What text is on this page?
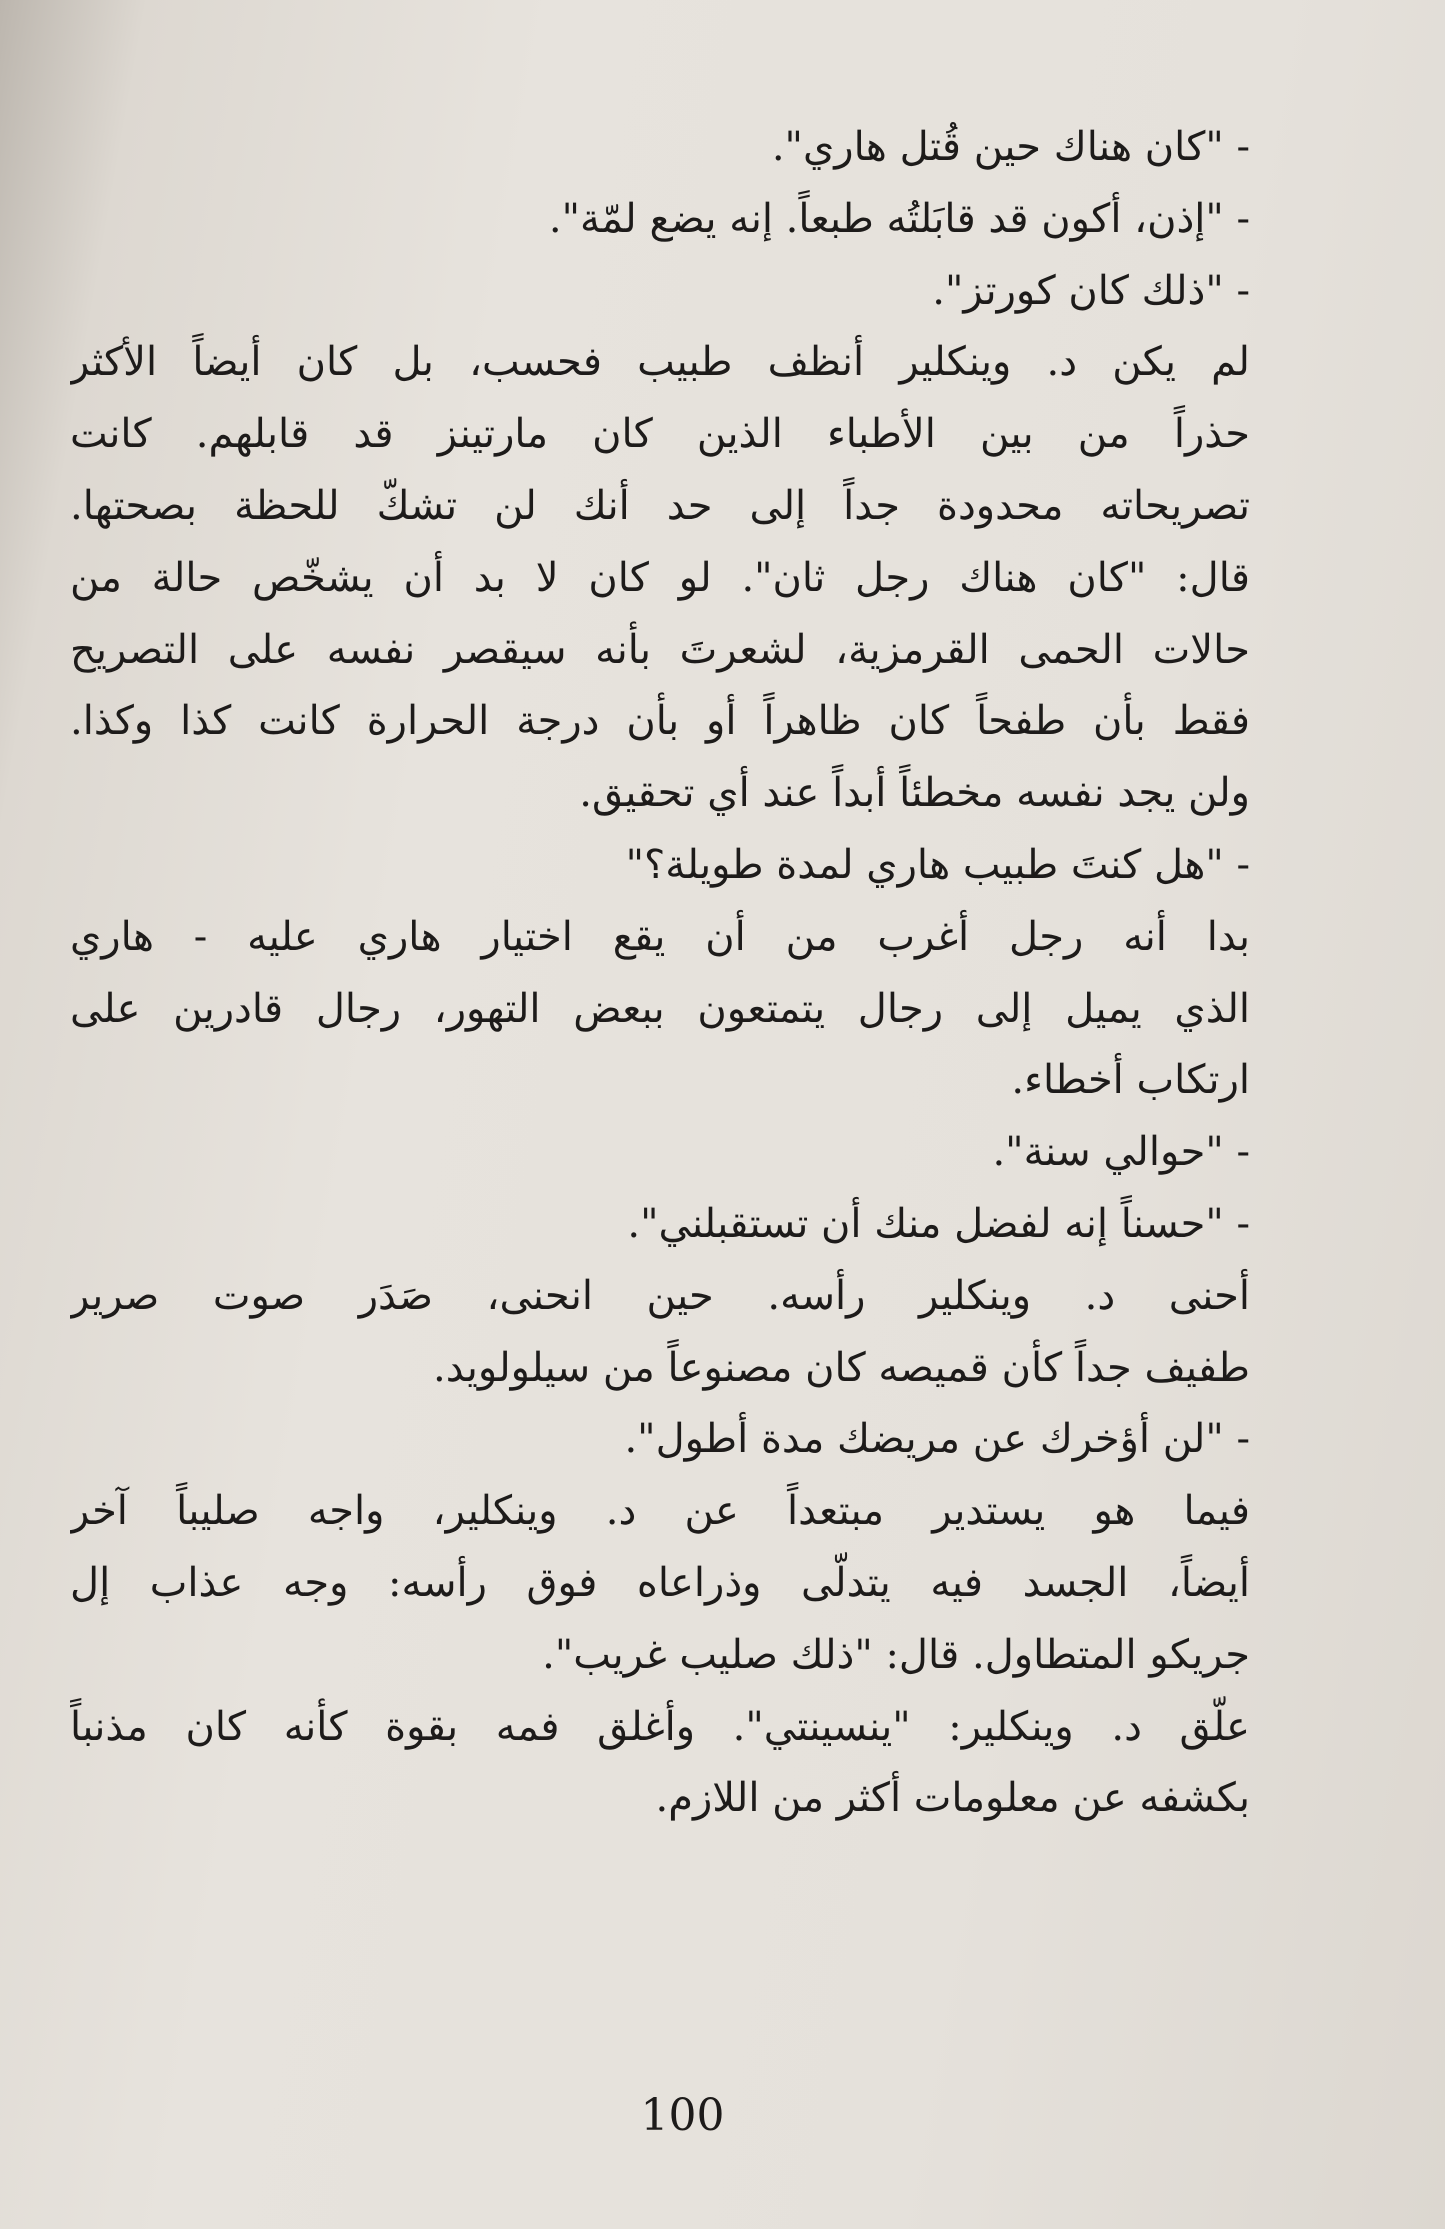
- "كان هناك حين قُتل هاري".
- "إذن، أكون قد قابَلتُه طبعاً. إنه يضع لمّة".
- "ذلك كان كورتز".
لم يكن د. وينكلير أنظف طبيب فحسب، بل كان أيضاً الأكثر
حذراً من بين الأطباء الذين كان مارتينز قد قابلهم. كانت
تصريحاته محدودة جداً إلى حد أنك لن تشكّ للحظة بصحتها.
قال: "كان هناك رجل ثان". لو كان لا بد أن يشخّص حالة من
حالات الحمى القرمزية، لشعرتَ بأنه سيقصر نفسه على التصريح
فقط بأن طفحاً كان ظاهراً أو بأن درجة الحرارة كانت كذا وكذا.
ولن يجد نفسه مخطئاً أبداً عند أي تحقيق.
- "هل كنتَ طبيب هاري لمدة طويلة؟"
بدا أنه رجل أغرب من أن يقع اختيار هاري عليه - هاري
الذي يميل إلى رجال يتمتعون ببعض التهور، رجال قادرين على
ارتكاب أخطاء.
- "حوالي سنة".
- "حسناً إنه لفضل منك أن تستقبلني".
أحنى د. وينكلير رأسه. حين انحنى، صَدَر صوت صرير
طفيف جداً كأن قميصه كان مصنوعاً من سيلولويد.
- "لن أؤخرك عن مريضك مدة أطول".
فيما هو يستدير مبتعداً عن د. وينكلير، واجه صليباً آخر
أيضاً، الجسد فيه يتدلّى وذراعاه فوق رأسه: وجه عذاب إل
جريكو المتطاول. قال: "ذلك صليب غريب".
علّق د. وينكلير: "ينسينتي". وأغلق فمه بقوة كأنه كان مذنباً
بكشفه عن معلومات أكثر من اللازم.
100
